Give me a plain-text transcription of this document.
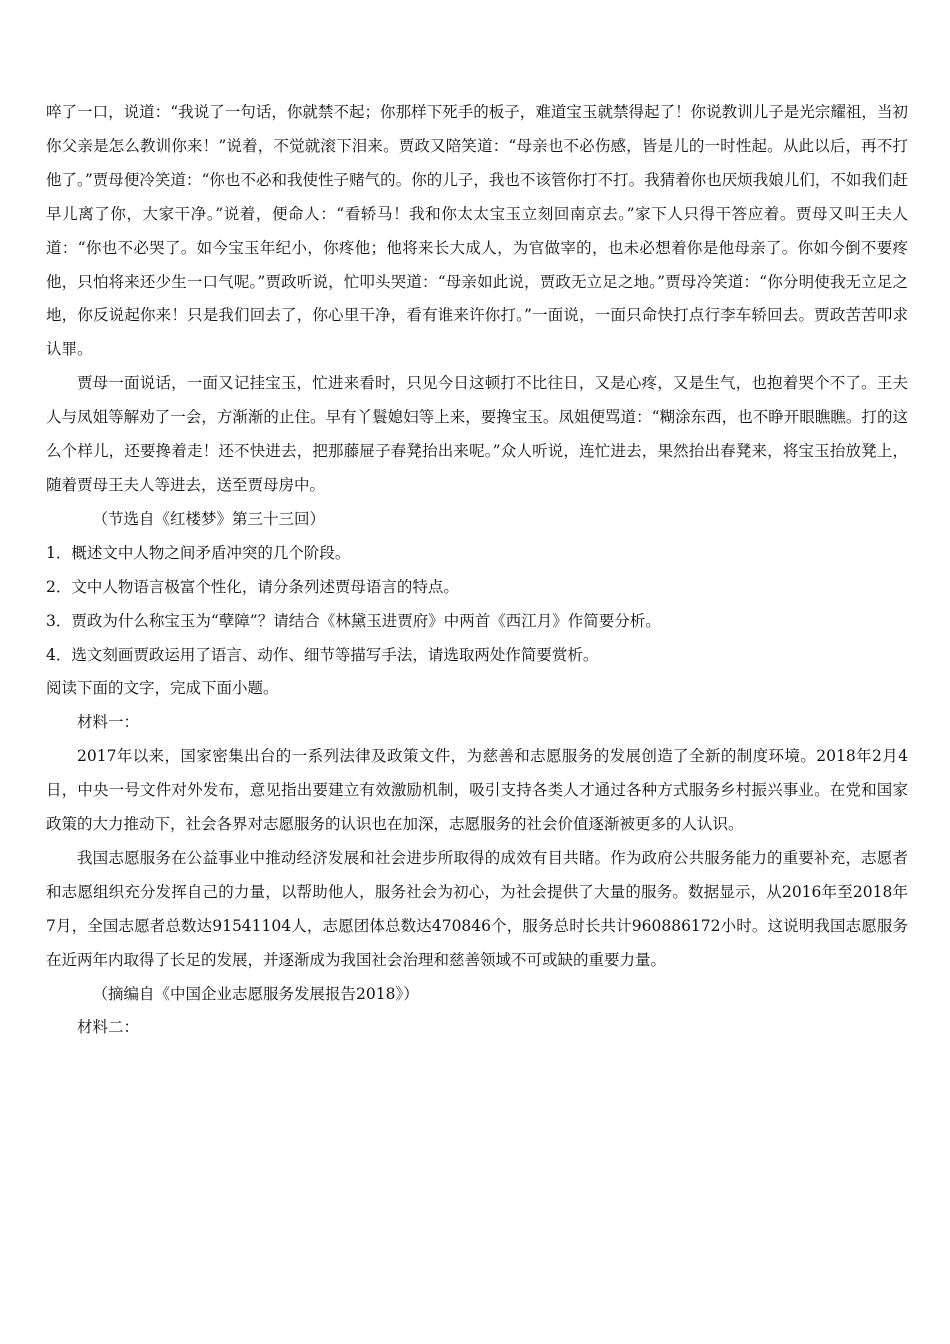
啐了一口，说道：“我说了一句话，你就禁不起；你那样下死手的板子，难道宝玉就禁得起了！你说教训儿子是光宗耀祖，当初你父亲是怎么教训你来！”说着，不觉就滚下泪来。贾政又陪笑道：“母亲也不必伤感，皆是儿的一时性起。从此以后，再不打他了。”贾母便冷笑道：“你也不必和我使性子赌气的。你的儿子，我也不该管你打不打。我猜着你也厌烦我娘儿们，不如我们赶早儿离了你，大家干净。”说着，便命人：“看轿马！我和你太太宝玉立刻回南京去。”家下人只得干答应着。贾母又叫王夫人道：“你也不必哭了。如今宝玉年纪小，你疼他；他将来长大成人，为官做宰的，也未必想着你是他母亲了。你如今倒不要疼他，只怕将来还少生一口气呢。”贾政听说，忙叩头哭道：“母亲如此说，贾政无立足之地。”贾母冷笑道：“你分明使我无立足之地，你反说起你来！只是我们回去了，你心里干净，看有谁来许你打。”一面说，一面只命快打点行李车轿回去。贾政苦苦叩求认罪。

贾母一面说话，一面又记挂宝玉，忙进来看时，只见今日这顿打不比往日，又是心疼，又是生气，也抱着哭个不了。王夫人与凤姐等解劝了一会，方渐渐的止住。早有丫鬟媳妇等上来，要搀宝玉。凤姐便骂道：“糊涂东西，也不睁开眼瞧瞧。打的这么个样儿，还要搀着走！还不快进去，把那藤屉子春凳抬出来呢。”众人听说，连忙进去，果然抬出春凳来，将宝玉抬放凳上，随着贾母王夫人等进去，送至贾母房中。

（节选自《红楼梦》第三十三回）

1．概述文中人物之间矛盾冲突的几个阶段。

2．文中人物语言极富个性化，请分条列述贾母语言的特点。

3．贾政为什么称宝玉为“孽障”？请结合《林黛玉进贾府》中两首《西江月》作简要分析。

4．选文刻画贾政运用了语言、动作、细节等描写手法，请选取两处作简要赏析。

阅读下面的文字，完成下面小题。

材料一：

2017年以来，国家密集出台的一系列法律及政策文件，为慈善和志愿服务的发展创造了全新的制度环境。2018年2月4日，中央一号文件对外发布，意见指出要建立有效激励机制，吸引支持各类人才通过各种方式服务乡村振兴事业。在党和国家政策的大力推动下，社会各界对志愿服务的认识也在加深，志愿服务的社会价值逐渐被更多的人认识。

我国志愿服务在公益事业中推动经济发展和社会进步所取得的成效有目共睹。作为政府公共服务能力的重要补充，志愿者和志愿组织充分发挥自己的力量，以帮助他人，服务社会为初心，为社会提供了大量的服务。数据显示，从2016年至2018年7月，全国志愿者总数达91541104人，志愿团体总数达470846个，服务总时长共计960886172小时。这说明我国志愿服务在近两年内取得了长足的发展，并逐渐成为我国社会治理和慈善领域不可或缺的重要力量。

（摘编自《中国企业志愿服务发展报告2018》）

材料二：
